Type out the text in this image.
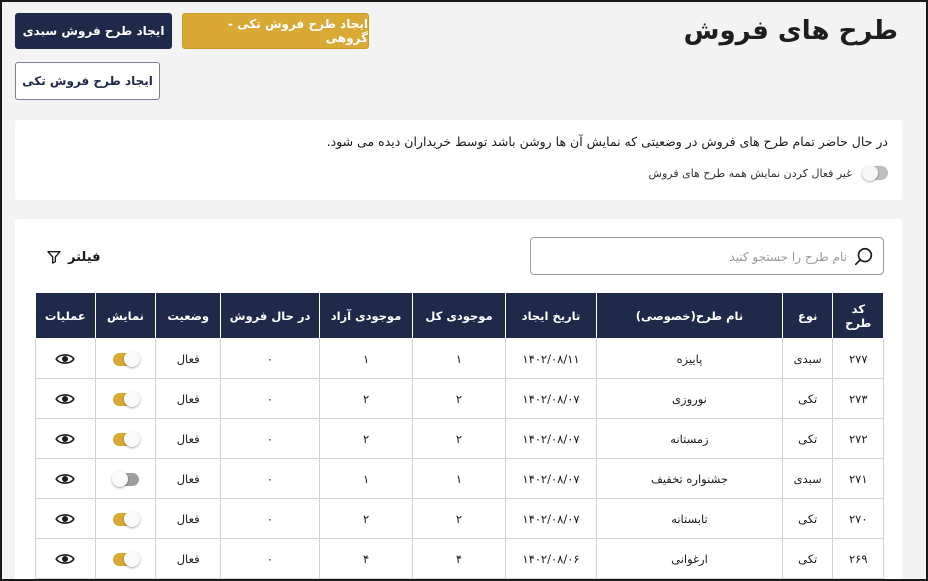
طرح های فروش
ایجاد طرح فروش تکی - گروهی
ایجاد طرح فروش سبدی
ایجاد طرح فروش تکی
در حال حاضر تمام طرح های فروش در وضعیتی که نمایش آن ها روشن باشد توسط خریداران دیده می شود.
غیر فعال کردن نمایش همه طرح های فروش
نام طرح را جستجو کنید
فیلتر
کد طرح	نوع	نام طرح(خصوصی)	تاریخ ایجاد	موجودی کل	موجودی آزاد	در حال فروش	وضعیت	نمایش	عملیات
۲۷۷	سبدی	پاییزه	۱۴۰۲/۰۸/۱۱	۱	۱	۰	فعال		
۲۷۳	تکی	نوروزی	۱۴۰۲/۰۸/۰۷	۲	۲	۰	فعال		
۲۷۲	تکی	زمستانه	۱۴۰۲/۰۸/۰۷	۲	۲	۰	فعال		
۲۷۱	سبدی	جشنواره تخفیف	۱۴۰۲/۰۸/۰۷	۱	۱	۰	فعال		
۲۷۰	تکی	تابستانه	۱۴۰۲/۰۸/۰۷	۲	۲	۰	فعال		
۲۶۹	تکی	ارغوانی	۱۴۰۲/۰۸/۰۶	۴	۴	۰	فعال		
